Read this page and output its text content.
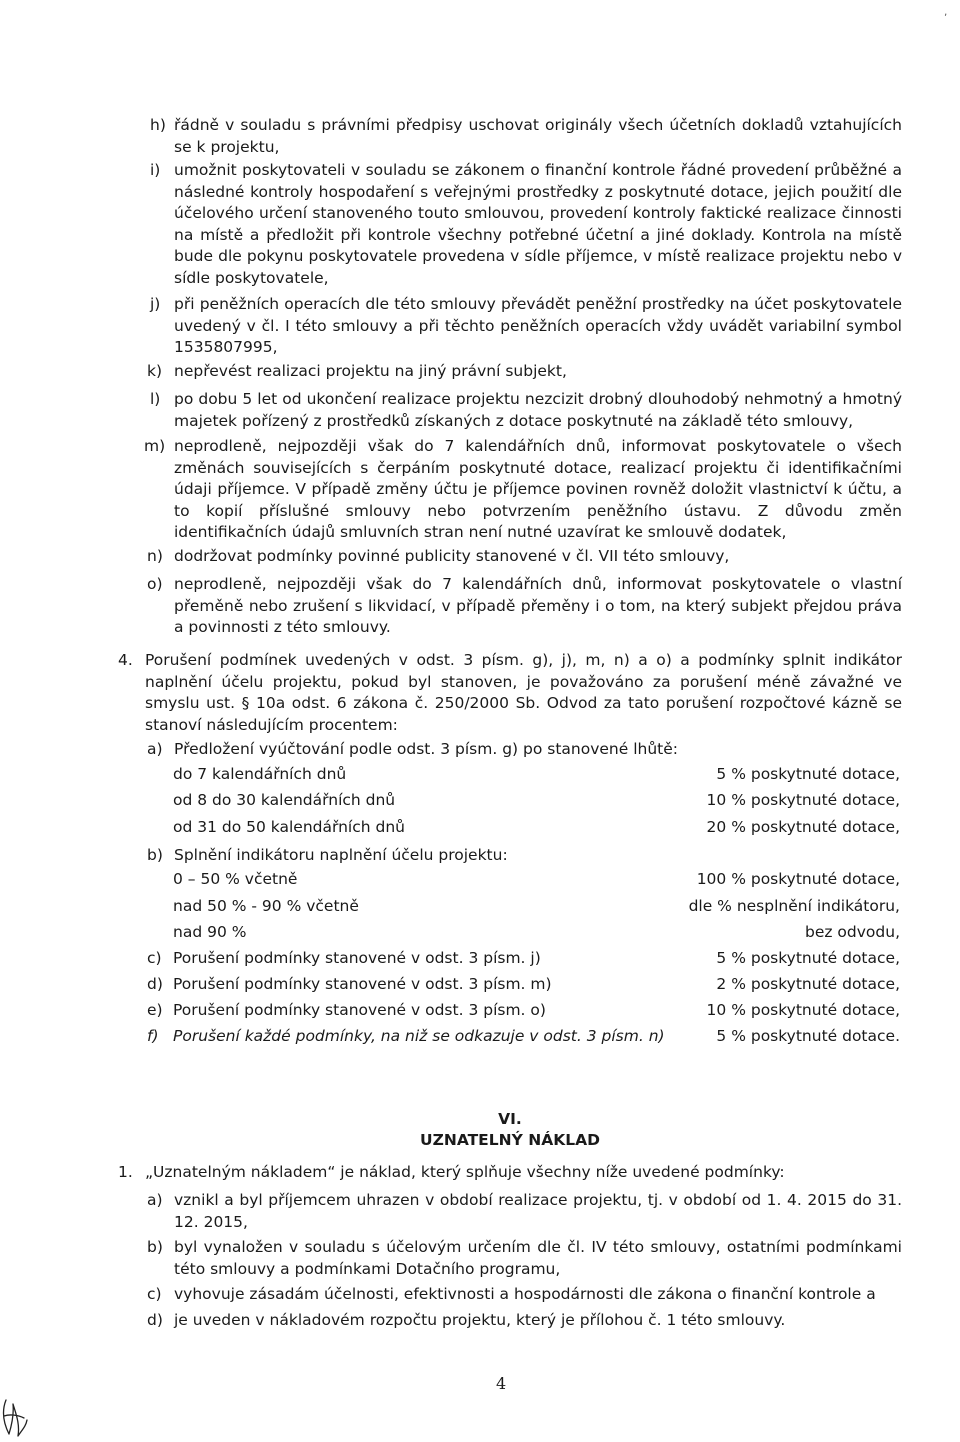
‚
h) řádně v souladu s právními předpisy uschovat originály všech účetních dokladů vztahujících se k projektu,
i) umožnit poskytovateli v souladu se zákonem o finanční kontrole řádné provedení průběžné a následné kontroly hospodaření s veřejnými prostředky z poskytnuté dotace, jejich použití dle účelového určení stanoveného touto smlouvou, provedení kontroly faktické realizace činnosti na místě a předložit při kontrole všechny potřebné účetní a jiné doklady. Kontrola na místě bude dle pokynu poskytovatele provedena v sídle příjemce, v místě realizace projektu nebo v sídle poskytovatele,
j) při peněžních operacích dle této smlouvy převádět peněžní prostředky na účet poskytovatele uvedený v čl. I této smlouvy a při těchto peněžních operacích vždy uvádět variabilní symbol 1535807995,
k) nepřevést realizaci projektu na jiný právní subjekt,
l) po dobu 5 let od ukončení realizace projektu nezcizit drobný dlouhodobý nehmotný a hmotný majetek pořízený z prostředků získaných z dotace poskytnuté na základě této smlouvy,
m) neprodleně, nejpozději však do 7 kalendářních dnů, informovat poskytovatele o všech změnách souvisejících s čerpáním poskytnuté dotace, realizací projektu či identifikačními údaji příjemce. V případě změny účtu je příjemce povinen rovněž doložit vlastnictví k účtu, a to kopií příslušné smlouvy nebo potvrzením peněžního ústavu. Z důvodu změn identifikačních údajů smluvních stran není nutné uzavírat ke smlouvě dodatek,
n) dodržovat podmínky povinné publicity stanovené v čl. VII této smlouvy,
o) neprodleně, nejpozději však do 7 kalendářních dnů, informovat poskytovatele o vlastní přeměně nebo zrušení s likvidací, v případě přeměny i o tom, na který subjekt přejdou práva a povinnosti z této smlouvy.
4. Porušení podmínek uvedených v odst. 3 písm. g), j), m, n) a o) a podmínky splnit indikátor naplnění účelu projektu, pokud byl stanoven, je považováno za porušení méně závažné ve smyslu ust. § 10a odst. 6 zákona č. 250/2000 Sb. Odvod za tato porušení rozpočtové kázně se stanoví následujícím procentem:
a) Předložení vyúčtování podle odst. 3 písm. g) po stanovené lhůtě:
do 7 kalendářních dnů	5 % poskytnuté dotace,
od 8 do 30 kalendářních dnů	10 % poskytnuté dotace,
od 31 do 50 kalendářních dnů	20 % poskytnuté dotace,
b) Splnění indikátoru naplnění účelu projektu:
0 – 50 % včetně	100 % poskytnuté dotace,
nad 50 % - 90 % včetně	dle % nesplnění indikátoru,
nad 90 %	bez odvodu,
c) Porušení podmínky stanovené v odst. 3 písm. j)	5 % poskytnuté dotace,
d) Porušení podmínky stanovené v odst. 3 písm. m)	2 % poskytnuté dotace,
e) Porušení podmínky stanovené v odst. 3 písm. o)	10 % poskytnuté dotace,
f) Porušení každé podmínky, na niž se odkazuje v odst. 3 písm. n)	5 % poskytnuté dotace.
VI.
UZNATELNÝ NÁKLAD
1. „Uznatelným nákladem“ je náklad, který splňuje všechny níže uvedené podmínky:
a) vznikl a byl příjemcem uhrazen v období realizace projektu, tj. v období od 1. 4. 2015 do 31. 12. 2015,
b) byl vynaložen v souladu s účelovým určením dle čl. IV této smlouvy, ostatními podmínkami této smlouvy a podmínkami Dotačního programu,
c) vyhovuje zásadám účelnosti, efektivnosti a hospodárnosti dle zákona o finanční kontrole a
d) je uveden v nákladovém rozpočtu projektu, který je přílohou č. 1 této smlouvy.
4
